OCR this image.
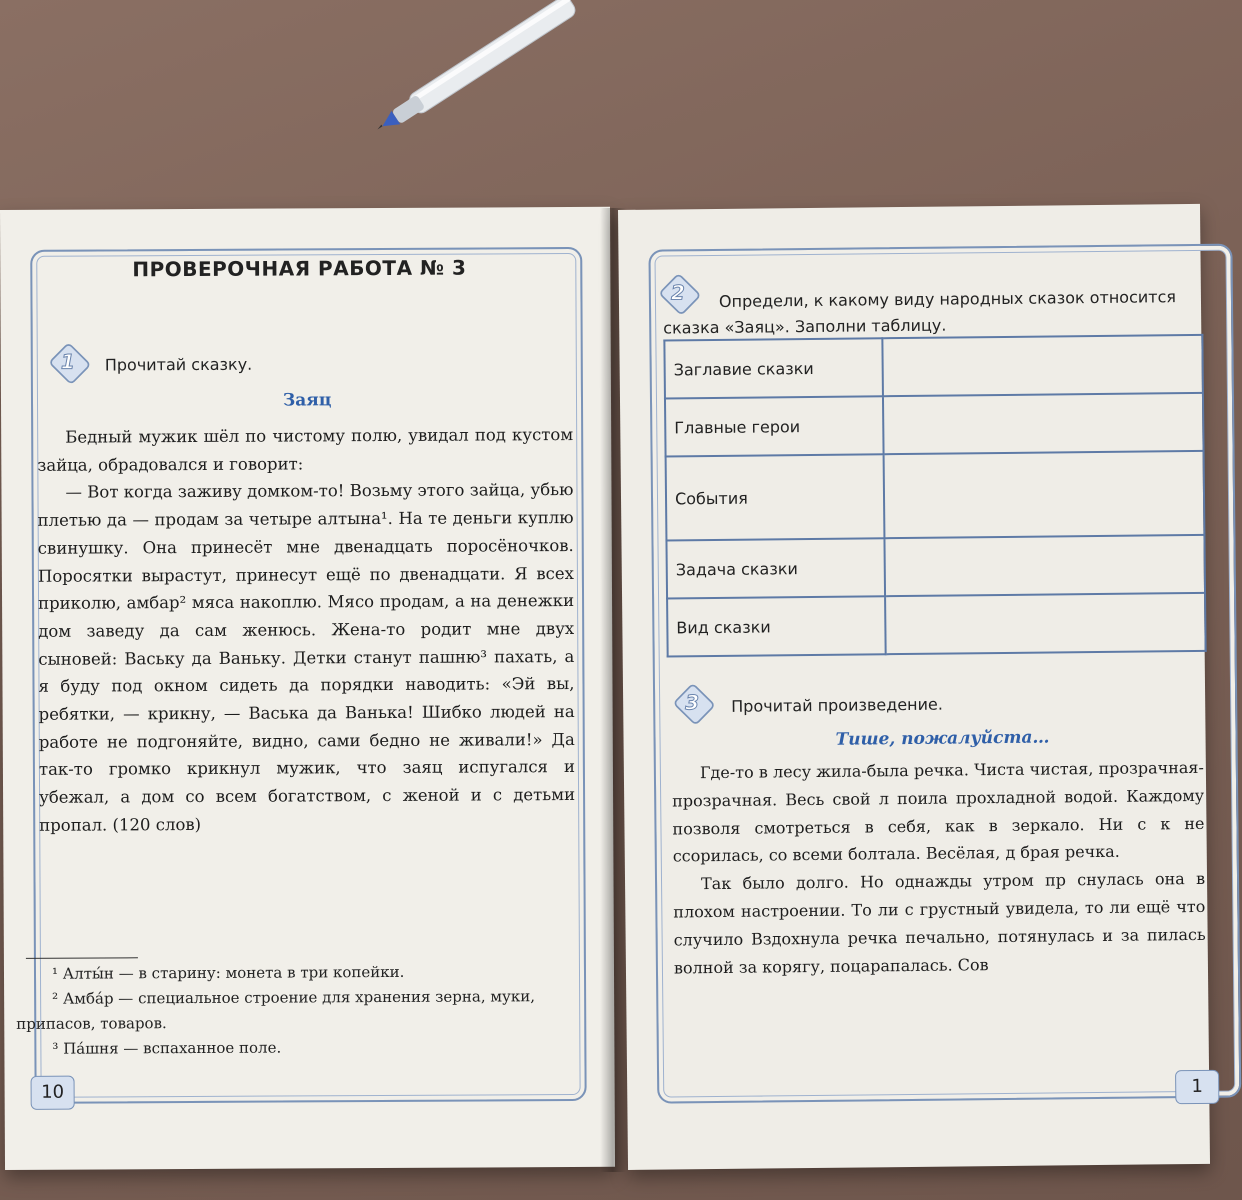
ПРОВЕРОЧНАЯ РАБОТА № 3
1	Прочитай сказку.
Заяц

Бедный мужик шёл по чистому полю, увидал под кустом зайца, обрадовался и говорит:

— Вот когда заживу домком-то! Возьму этого зайца, убью плетью да — продам за четыре алтына¹. На те деньги куплю свинушку. Она принесёт мне двенадцать поросёночков. Поросятки вырастут, принесут ещё по двенадцати. Я всех приколю, амбар² мяса накоплю. Мясо продам, а на денежки дом заведу да сам женюсь. Жена-то родит мне двух сыновей: Ваську да Ваньку. Детки станут пашню³ пахать, а я буду под окном сидеть да порядки наводить: «Эй вы, ребятки, — крикну, — Васька да Ванька! Шибко людей на работе не подгоняйте, видно, сами бедно не живали!» Да так-то громко крикнул мужик, что заяц испугался и убежал, а дом со всем богатством, с женой и с детьми пропал. (120 слов)

¹ Алты́н — в старину: монета в три копейки.
² Амба́р — специальное строение для хранения зерна, муки, припасов, товаров.
³ Па́шня — вспаханное поле.
10
2	Определи, к какому виду народных сказок относится сказка «Заяц». Заполни таблицу.
Заглавие сказки	
Главные герои	
События	
Задача сказки	
Вид сказки	
3	Прочитай произведение.
Тише, пожалуйста…

Где-то в лесу жила-была речка. Чиста чистая, прозрачная-прозрачная. Весь свой л поила прохладной водой. Каждому позволя смотреться в себя, как в зеркало. Ни с к не ссорилась, со всеми болтала. Весёлая, д брая речка.

Так было долго. Но однажды утром пр снулась она в плохом настроении. То ли с грустный увидела, то ли ещё что случило Вздохнула речка печально, потянулась и за пилась волной за корягу, поцарапалась. Сов

1
